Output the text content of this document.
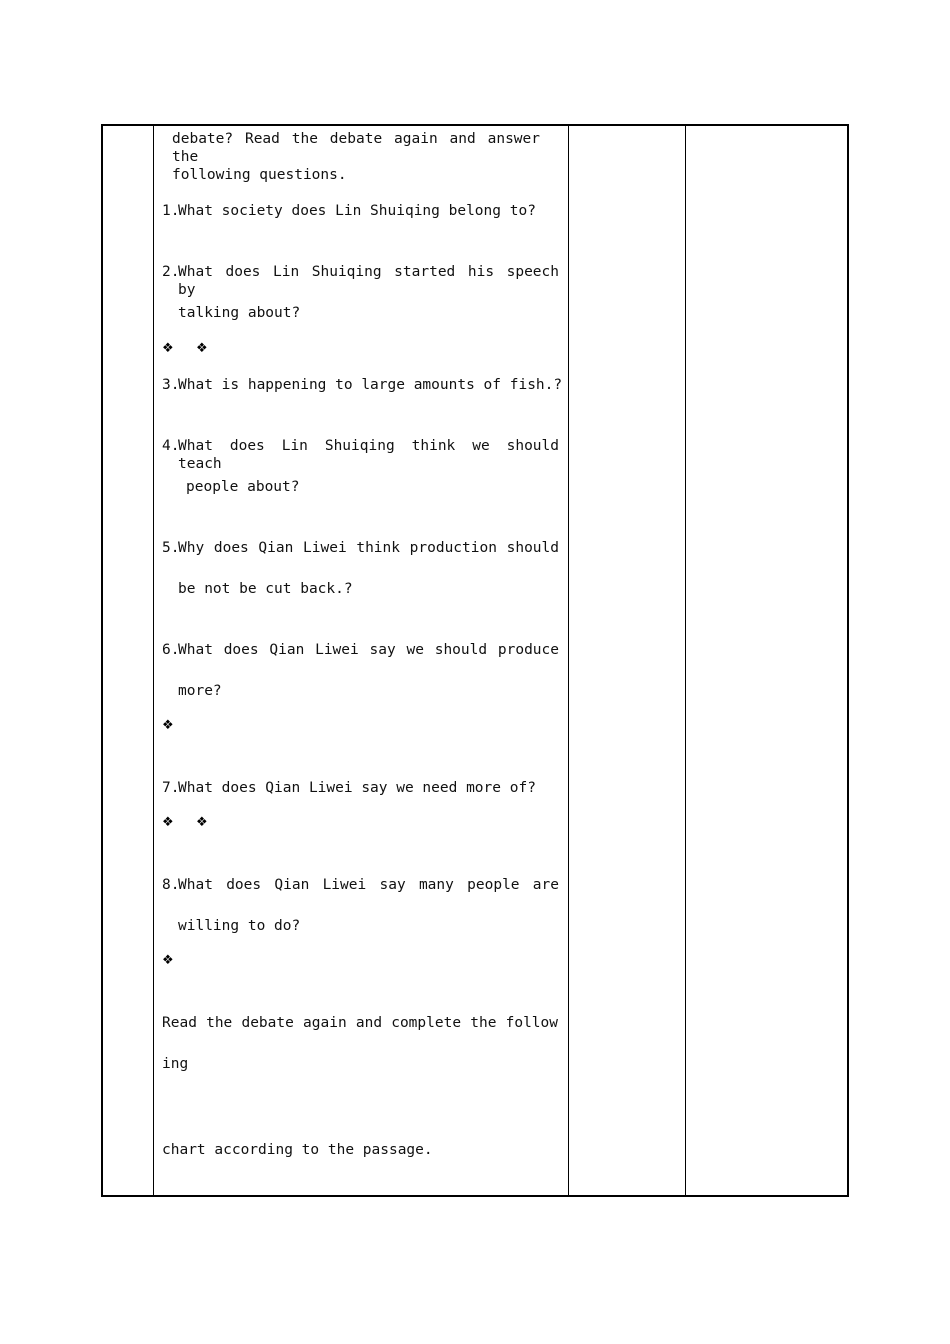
debate? Read the debate again and answer the
following questions.
1.
What society does Lin Shuiqing belong to?
2.
What does Lin Shuiqing started his speech by
talking about?
❖ ❖
3.
What is happening to large amounts of fish.?
4.
What does Lin Shuiqing think we should teach
people about?
5.
Why does Qian Liwei think production should
be not be cut back.?
6.
What does Qian Liwei say we should produce
more?
❖
7.
What does Qian Liwei say we need more of?
❖ ❖
8.
What does Qian Liwei say many people are
willing to do?
❖
Read the debate again and complete the follow
ing
chart according to the passage.
